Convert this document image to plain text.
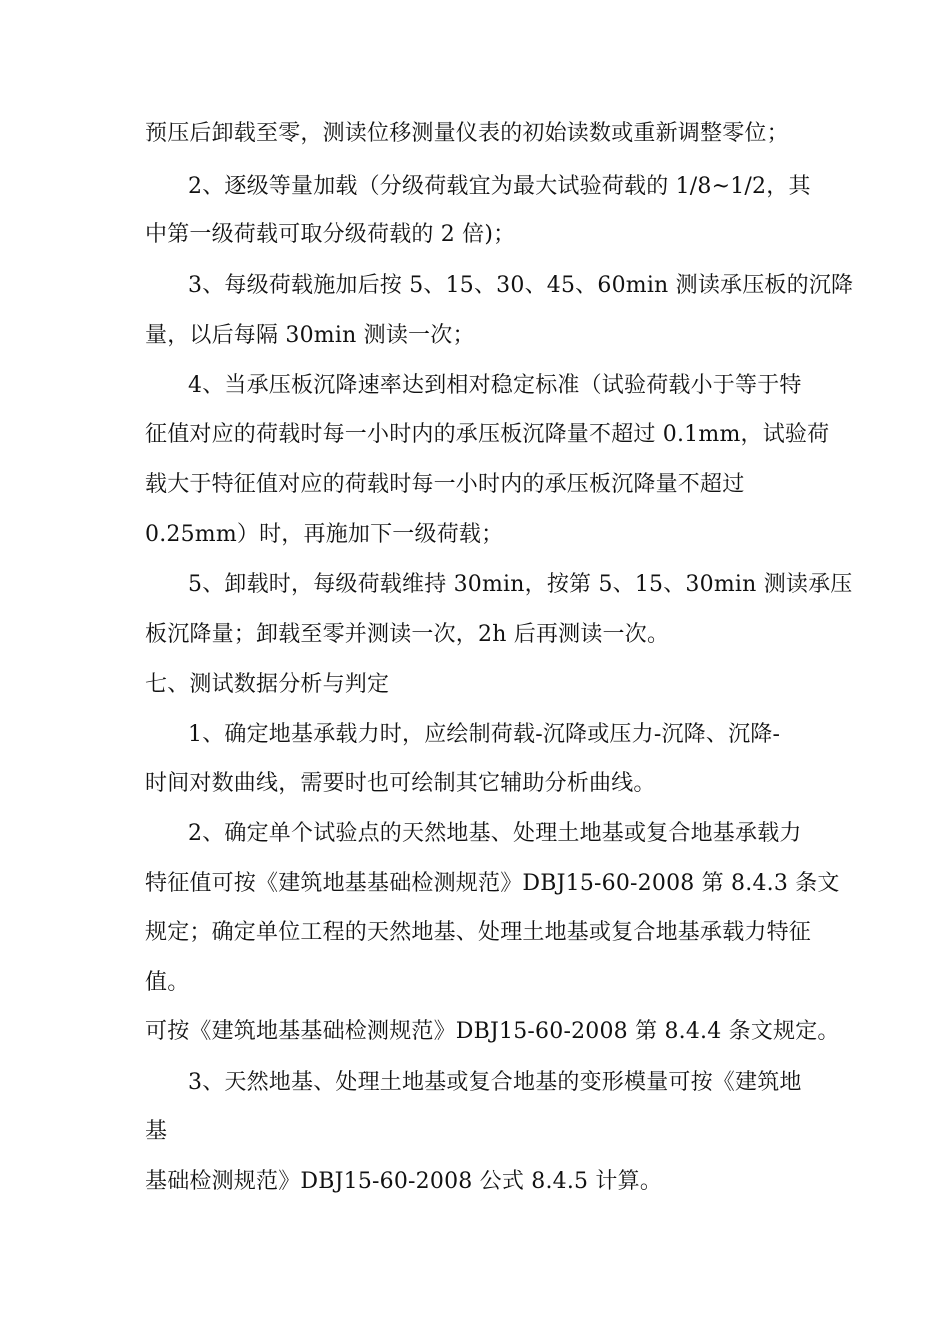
预压后卸载至零，测读位移测量仪表的初始读数或重新调整零位；
2、逐级等量加载（分级荷载宜为最大试验荷载的 1/8~1/2，其
中第一级荷载可取分级荷载的 2 倍)；
3、每级荷载施加后按 5、15、30、45、60min 测读承压板的沉降
量，以后每隔 30min 测读一次；
4、当承压板沉降速率达到相对稳定标准（试验荷载小于等于特
征值对应的荷载时每一小时内的承压板沉降量不超过 0.1mm，试验荷
载大于特征值对应的荷载时每一小时内的承压板沉降量不超过
0.25mm）时，再施加下一级荷载；
5、卸载时，每级荷载维持 30min，按第 5、15、30min 测读承压
板沉降量；卸载至零并测读一次，2h 后再测读一次。
七、测试数据分析与判定
1、确定地基承载力时，应绘制荷载-沉降或压力-沉降、沉降-
时间对数曲线，需要时也可绘制其它辅助分析曲线。
2、确定单个试验点的天然地基、处理土地基或复合地基承载力
特征值可按《建筑地基基础检测规范》DBJ15-60-2008 第 8.4.3 条文
规定；确定单位工程的天然地基、处理土地基或复合地基承载力特征
值。
可按《建筑地基基础检测规范》DBJ15-60-2008 第 8.4.4 条文规定。
3、天然地基、处理土地基或复合地基的变形模量可按《建筑地
基
基础检测规范》DBJ15-60-2008 公式 8.4.5 计算。
